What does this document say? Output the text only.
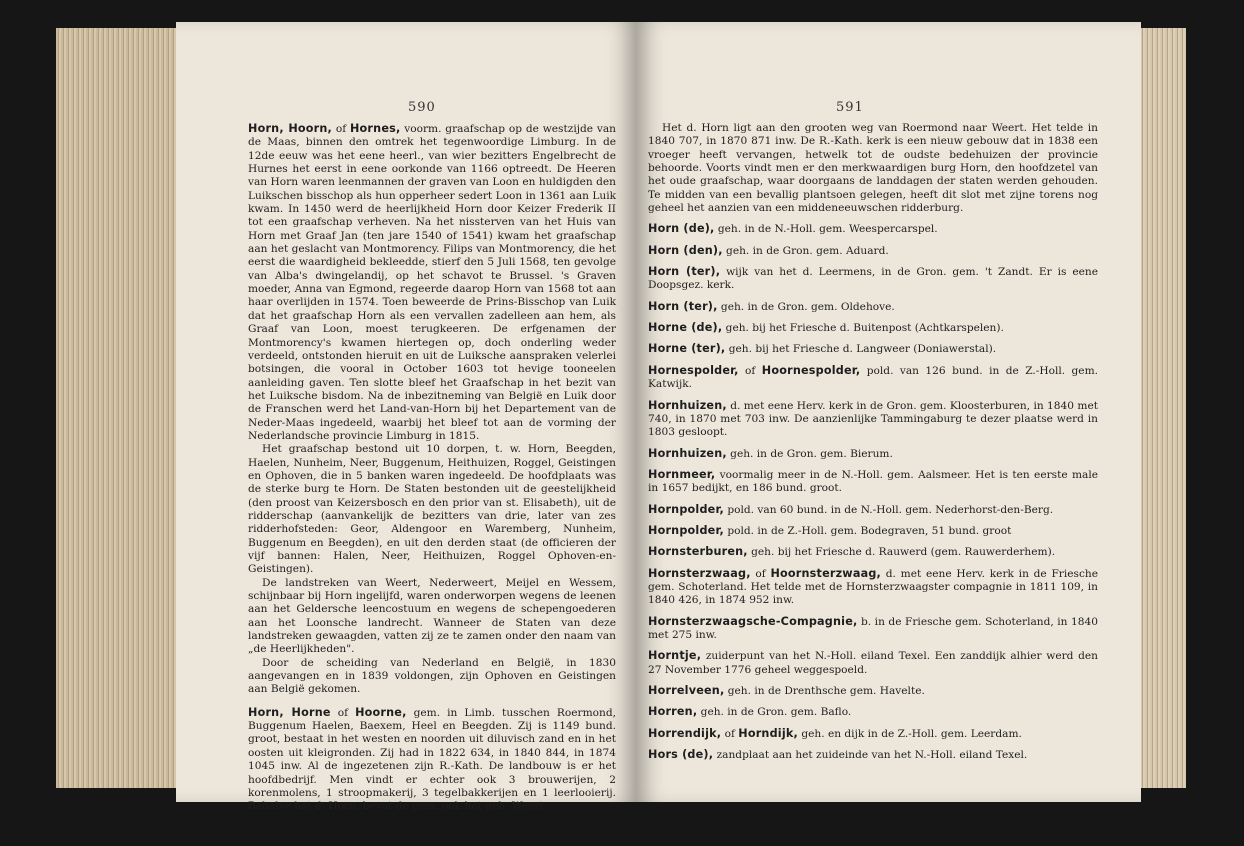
590

Horn, Hoorn, of Hornes, voorm. graafschap op de westzijde van de Maas, binnen den omtrek het tegenwoordige Limburg. In de 12de eeuw was het eene heerl., van wier bezitters Engelbrecht de Hurnes het eerst in eene oorkonde van 1166 optreedt. De Heeren van Horn waren leenmannen der graven van Loon en huldigden den Luikschen bisschop als hun opperheer sedert Loon in 1361 aan Luik kwam. In 1450 werd de heerlijkheid Horn door Keizer Frederik II tot een graafschap verheven. Na het nissterven van het Huis van Horn met Graaf Jan (ten jare 1540 of 1541) kwam het graafschap aan het geslacht van Montmorency. Filips van Montmorency, die het eerst die waardigheid bekleedde, stierf den 5 Juli 1568, ten gevolge van Alba's dwingelandij, op het schavot te Brussel. 's Graven moeder, Anna van Egmond, regeerde daarop Horn van 1568 tot aan haar overlijden in 1574. Toen beweerde de Prins-Bisschop van Luik dat het graafschap Horn als een vervallen zadelleen aan hem, als Graaf van Loon, moest terugkeeren. De erfgenamen der Montmorency's kwamen hiertegen op, doch onderling weder verdeeld, ontstonden hieruit en uit de Luiksche aanspraken velerlei botsingen, die vooral in October 1603 tot hevige tooneelen aanleiding gaven. Ten slotte bleef het Graafschap in het bezit van het Luiksche bisdom. Na de inbezitneming van België en Luik door de Franschen werd het Land-van-Horn bij het Departement van de Neder-Maas ingedeeld, waarbij het bleef tot aan de vorming der Nederlandsche provincie Limburg in 1815.

Het graafschap bestond uit 10 dorpen, t. w. Horn, Beegden, Haelen, Nunheim, Neer, Buggenum, Heithuizen, Roggel, Geistingen en Ophoven, die in 5 banken waren ingedeeld. De hoofdplaats was de sterke burg te Horn. De Staten bestonden uit de geestelijkheid (den proost van Keizersbosch en den prior van st. Elisabeth), uit de ridderschap (aanvankelijk de bezitters van drie, later van zes ridderhofsteden: Geor, Aldengoor en Waremberg, Nunheim, Buggenum en Beegden), en uit den derden staat (de officieren der vijf bannen: Halen, Neer, Heithuizen, Roggel Ophoven-en-Geistingen).

De landstreken van Weert, Nederweert, Meijel en Wessem, schijnbaar bij Horn ingelijfd, waren onderworpen wegens de leenen aan het Geldersche leencostuum en wegens de schepengoederen aan het Loonsche landrecht. Wanneer de Staten van deze landstreken gewaagden, vatten zij ze te zamen onder den naam van „de Heerlijkheden".

Door de scheiding van Nederland en België, in 1830 aangevangen en in 1839 voldongen, zijn Ophoven en Geistingen aan België gekomen.

Horn, Horne of Hoorne, gem. in Limb. tusschen Roermond, Buggenum Haelen, Baexem, Heel en Beegden. Zij is 1149 bund. groot, bestaat in het westen en noorden uit diluvisch zand en in het oosten uit kleigronden. Zij had in 1822 634, in 1840 844, in 1874 1045 inw. Al de ingezetenen zijn R.-Kath. De landbouw is er het hoofdbedrijf. Men vindt er echter ook 3 brouwerijen, 2 korenmolens, 1 stroopmakerij, 3 tegelbakkerijen en 1 leerlooierij. Behalve het d. Horn, bevat de gem. ook het geh. Weert.

591

Het d. Horn ligt aan den grooten weg van Roermond naar Weert. Het telde in 1840 707, in 1870 871 inw. De R.-Kath. kerk is een nieuw gebouw dat in 1838 een vroeger heeft vervangen, hetwelk tot de oudste bedehuizen der provincie behoorde. Voorts vindt men er den merkwaardigen burg Horn, den hoofdzetel van het oude graafschap, waar doorgaans de landdagen der staten werden gehouden. Te midden van een bevallig plantsoen gelegen, heeft dit slot met zijne torens nog geheel het aanzien van een middeneeuwschen ridderburg.

Horn (de), geh. in de N.-Holl. gem. Weespercarspel.

Horn (den), geh. in de Gron. gem. Aduard.

Horn (ter), wijk van het d. Leermens, in de Gron. gem. 't Zandt. Er is eene Doopsgez. kerk.

Horn (ter), geh. in de Gron. gem. Oldehove.

Horne (de), geh. bij het Friesche d. Buitenpost (Achtkarspelen).

Horne (ter), geh. bij het Friesche d. Langweer (Doniawerstal).

Hornespolder, of Hoornespolder, pold. van 126 bund. in de Z.-Holl. gem. Katwijk.

Hornhuizen, d. met eene Herv. kerk in de Gron. gem. Kloosterburen, in 1840 met 740, in 1870 met 703 inw. De aanzienlijke Tammingaburg te dezer plaatse werd in 1803 gesloopt.

Hornhuizen, geh. in de Gron. gem. Bierum.

Hornmeer, voormalig meer in de N.-Holl. gem. Aalsmeer. Het is ten eerste male in 1657 bedijkt, en 186 bund. groot.

Hornpolder, pold. van 60 bund. in de N.-Holl. gem. Nederhorst-den-Berg.

Hornpolder, pold. in de Z.-Holl. gem. Bodegraven, 51 bund. groot

Hornsterburen, geh. bij het Friesche d. Rauwerd (gem. Rauwerderhem).

Hornsterzwaag, of Hoornsterzwaag, d. met eene Herv. kerk in de Friesche gem. Schoterland. Het telde met de Hornsterzwaagster compagnie in 1811 109, in 1840 426, in 1874 952 inw.

Hornsterzwaagsche-Compagnie, b. in de Friesche gem. Schoterland, in 1840 met 275 inw.

Horntje, zuiderpunt van het N.-Holl. eiland Texel. Een zanddijk alhier werd den 27 November 1776 geheel weggespoeld.

Horrelveen, geh. in de Drenthsche gem. Havelte.

Horren, geh. in de Gron. gem. Baflo.

Horrendijk, of Horndijk, geh. en dijk in de Z.-Holl. gem. Leerdam.

Hors (de), zandplaat aan het zuideinde van het N.-Holl. eiland Texel.
